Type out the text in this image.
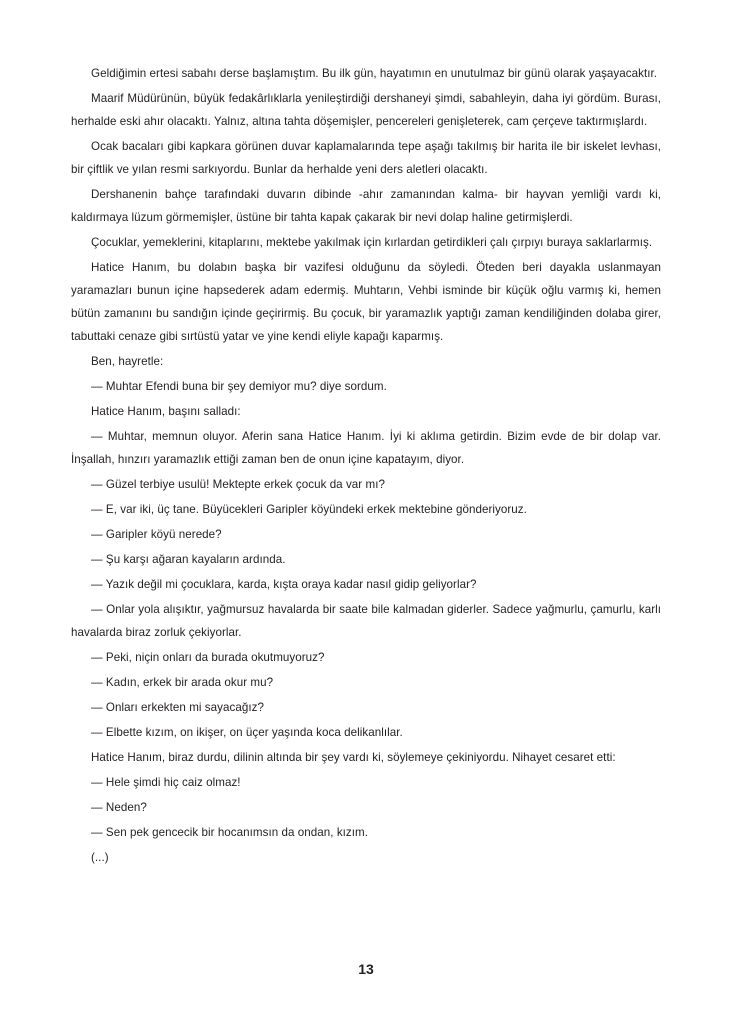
Geldiğimin ertesi sabahı derse başlamıştım. Bu ilk gün, hayatımın en unutulmaz bir günü olarak yaşayacaktır.

Maarif Müdürünün, büyük fedakârlıklarla yenileştirdiği dershaneyi şimdi, sabahleyin, daha iyi gördüm. Burası, herhalde eski ahır olacaktı. Yalnız, altına tahta döşemişler, pencereleri genişleterek, cam çerçeve taktırmışlardı.

Ocak bacaları gibi kapkara görünen duvar kaplamalarında tepe aşağı takılmış bir harita ile bir iskelet levhası, bir çiftlik ve yılan resmi sarkıyordu. Bunlar da herhalde yeni ders aletleri olacaktı.

Dershanenin bahçe tarafındaki duvarın dibinde -ahır zamanından kalma- bir hayvan yemliği vardı ki, kaldırmaya lüzum görmemişler, üstüne bir tahta kapak çakarak bir nevi dolap haline getirmişlerdi.

Çocuklar, yemeklerini, kitaplarını, mektebe yakılmak için kırlardan getirdikleri çalı çırpıyı buraya saklarlarmış.

Hatice Hanım, bu dolabın başka bir vazifesi olduğunu da söyledi. Öteden beri dayakla uslanmayan yaramazları bunun içine hapsederek adam edermiş. Muhtarın, Vehbi isminde bir küçük oğlu varmış ki, hemen bütün zamanını bu sandığın içinde geçirirmiş. Bu çocuk, bir yaramazlık yaptığı zaman kendiliğinden dolaba girer, tabuttaki cenaze gibi sırtüstü yatar ve yine kendi eliyle kapağı kaparmış.

Ben, hayretle:

— Muhtar Efendi buna bir şey demiyor mu? diye sordum.

Hatice Hanım, başını salladı:

— Muhtar, memnun oluyor. Aferin sana Hatice Hanım. İyi ki aklıma getirdin. Bizim evde de bir dolap var. İnşallah, hınzırı yaramazlık ettiği zaman ben de onun içine kapatayım, diyor.

— Güzel terbiye usulü! Mektepte erkek çocuk da var mı?

— E, var iki, üç tane. Büyücekleri Garipler köyündeki erkek mektebine gönderiyoruz.

— Garipler köyü nerede?

— Şu karşı ağaran kayaların ardında.

— Yazık değil mi çocuklara, karda, kışta oraya kadar nasıl gidip geliyorlar?

— Onlar yola alışıktır, yağmursuz havalarda bir saate bile kalmadan giderler. Sadece yağmurlu, çamurlu, karlı havalarda biraz zorluk çekiyorlar.

— Peki, niçin onları da burada okutmuyoruz?

— Kadın, erkek bir arada okur mu?

— Onları erkekten mi sayacağız?

— Elbette kızım, on ikişer, on üçer yaşında koca delikanlılar.

Hatice Hanım, biraz durdu, dilinin altında bir şey vardı ki, söylemeye çekiniyordu. Nihayet cesaret etti:

— Hele şimdi hiç caiz olmaz!

— Neden?

— Sen pek gencecik bir hocanımsın da ondan, kızım.

(...)

13
